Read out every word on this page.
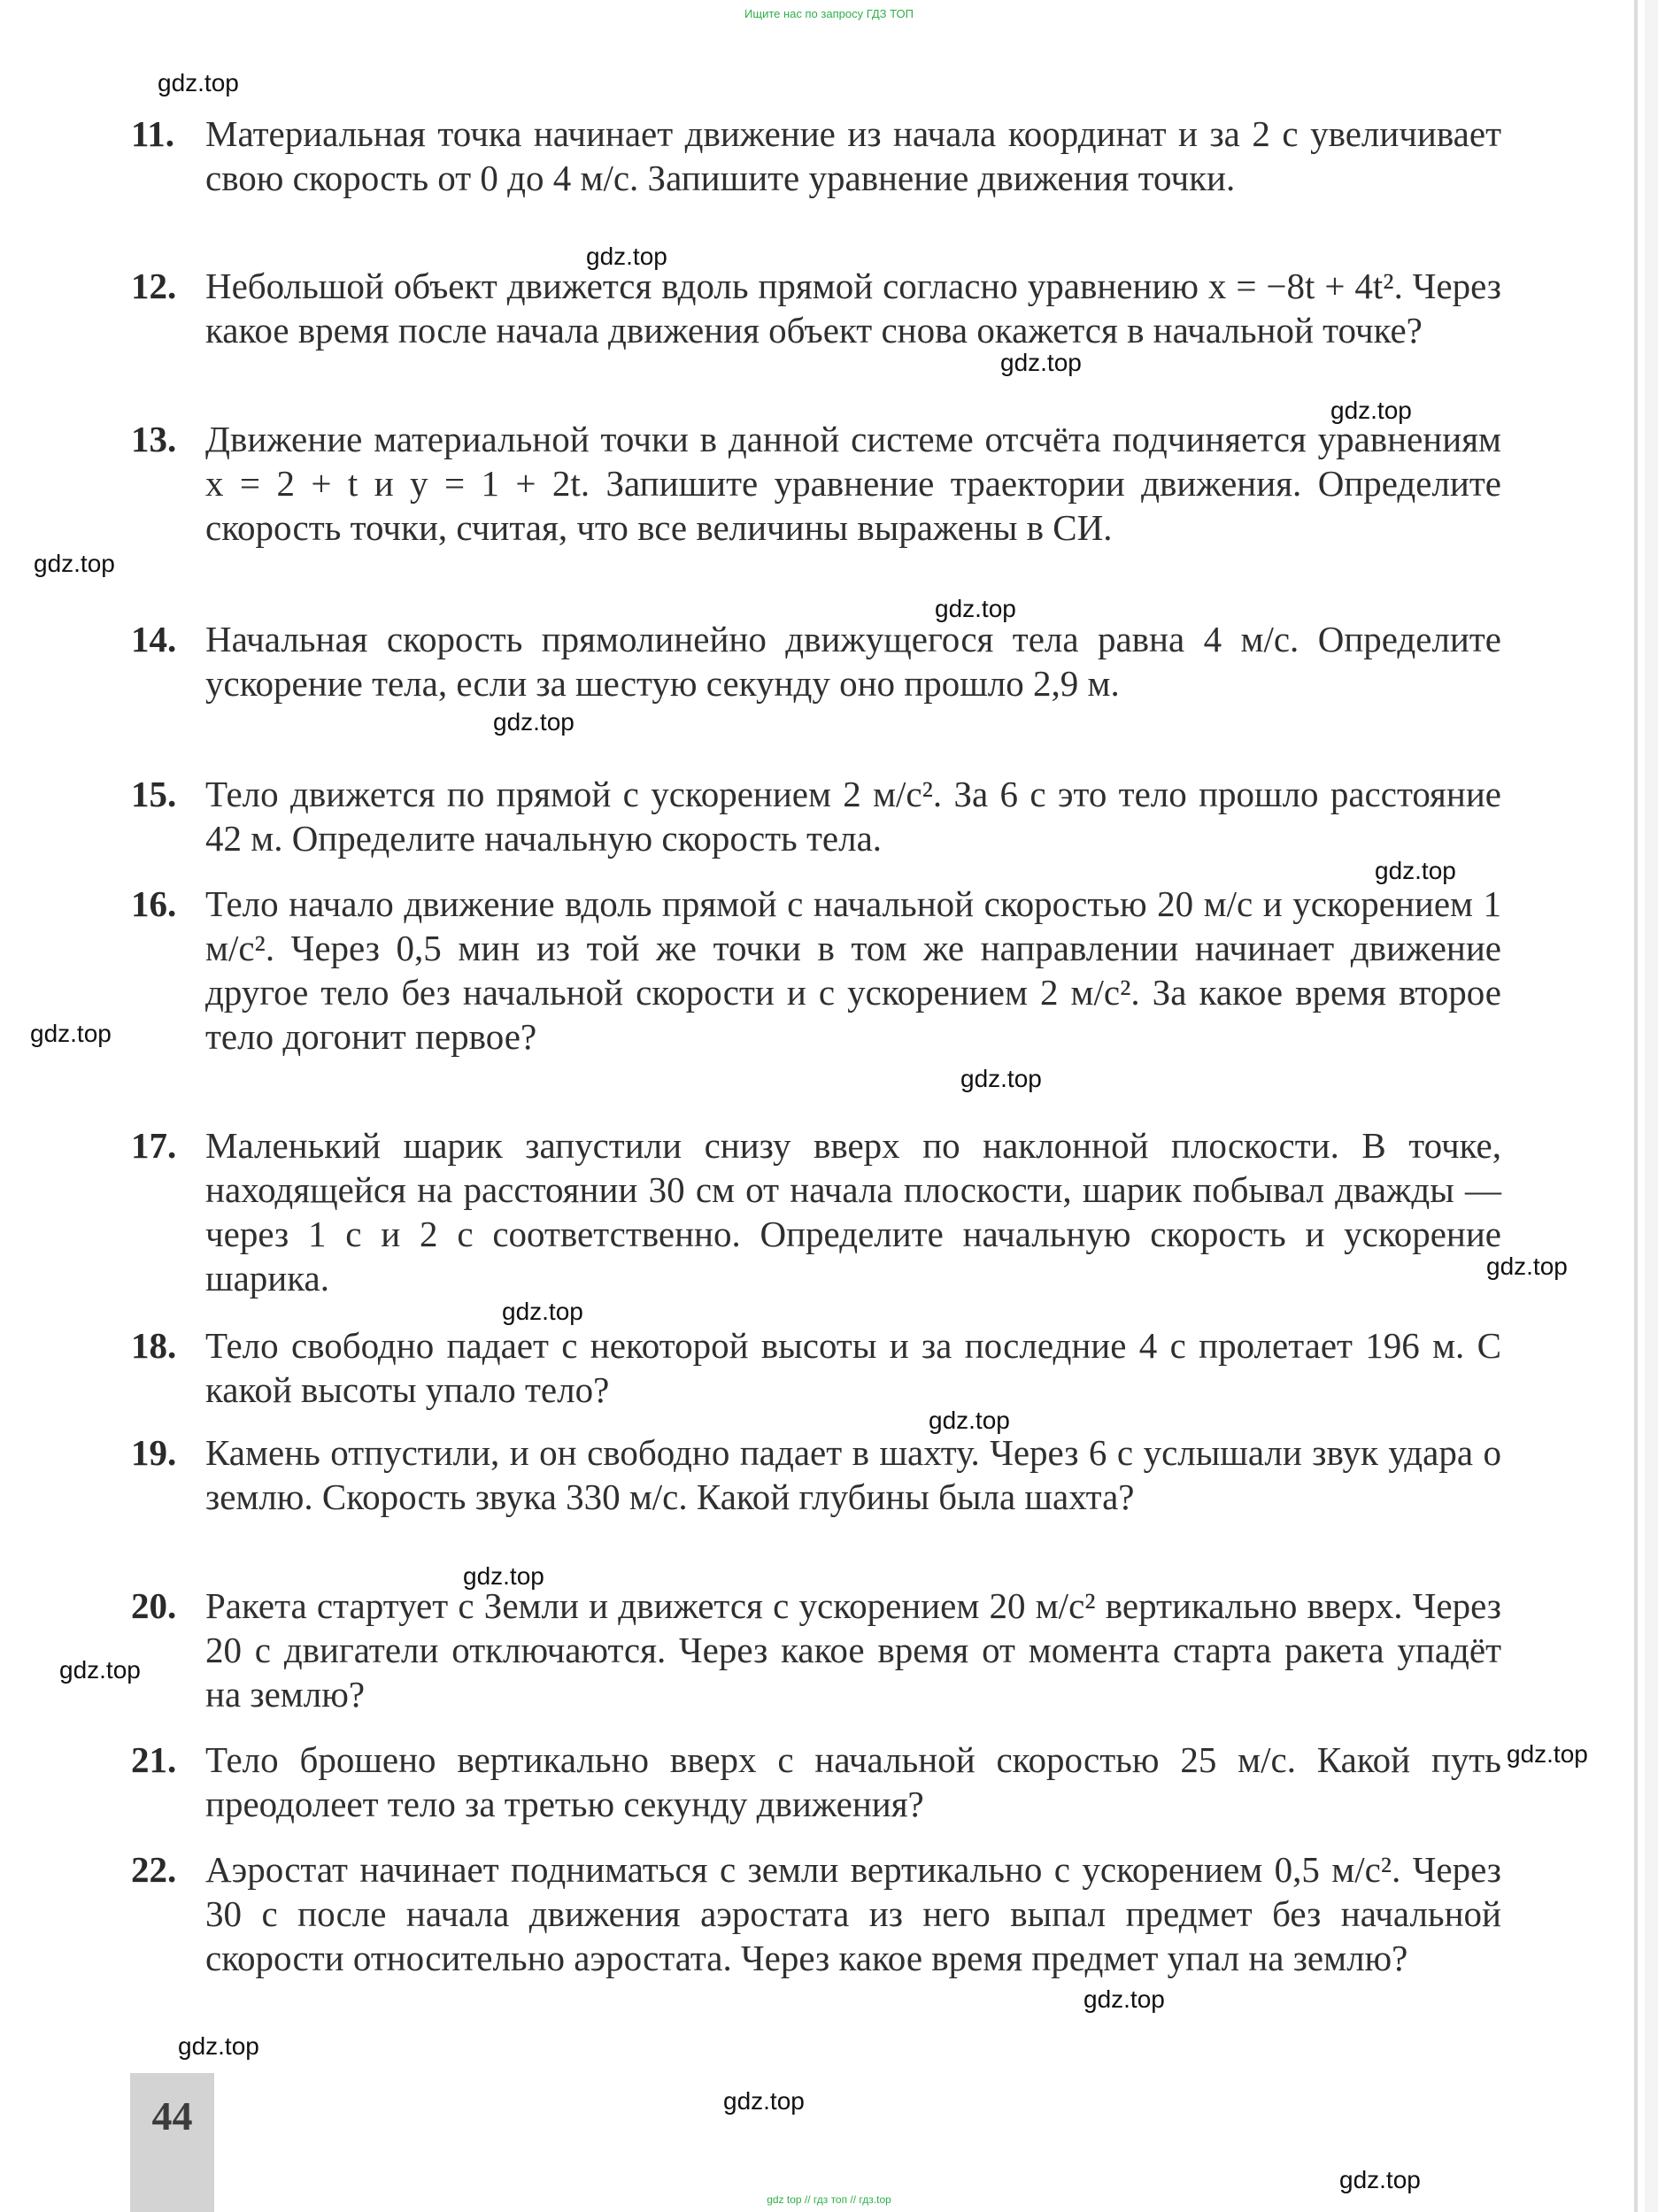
Ищите нас по запросу ГДЗ ТОП
11. Материальная точка начинает движение из начала координат и за 2 с увеличивает свою скорость от 0 до 4 м/с. Запишите уравнение движения точки.
12. Небольшой объект движется вдоль прямой согласно уравнению x = −8t + 4t². Через какое время после начала движения объект снова окажется в начальной точке?
13. Движение материальной точки в данной системе отсчёта подчиняется уравнениям x = 2 + t и y = 1 + 2t. Запишите уравнение траектории движения. Определите скорость точки, считая, что все величины выражены в СИ.
14. Начальная скорость прямолинейно движущегося тела равна 4 м/с. Определите ускорение тела, если за шестую секунду оно прошло 2,9 м.
15. Тело движется по прямой с ускорением 2 м/с². За 6 с это тело прошло расстояние 42 м. Определите начальную скорость тела.
16. Тело начало движение вдоль прямой с начальной скоростью 20 м/с и ускорением 1 м/с². Через 0,5 мин из той же точки в том же направлении начинает движение другое тело без начальной скорости и с ускорением 2 м/с². За какое время второе тело догонит первое?
17. Маленький шарик запустили снизу вверх по наклонной плоскости. В точке, находящейся на расстоянии 30 см от начала плоскости, шарик побывал дважды — через 1 с и 2 с соответственно. Определите начальную скорость и ускорение шарика.
18. Тело свободно падает с некоторой высоты и за последние 4 с пролетает 196 м. С какой высоты упало тело?
19. Камень отпустили, и он свободно падает в шахту. Через 6 с услышали звук удара о землю. Скорость звука 330 м/с. Какой глубины была шахта?
20. Ракета стартует с Земли и движется с ускорением 20 м/с² вертикально вверх. Через 20 с двигатели отключаются. Через какое время от момента старта ракета упадёт на землю?
21. Тело брошено вертикально вверх с начальной скоростью 25 м/с. Какой путь преодолеет тело за третью секунду движения?
22. Аэростат начинает подниматься с земли вертикально с ускорением 0,5 м/с². Через 30 с после начала движения аэростата из него выпал предмет без начальной скорости относительно аэростата. Через какое время предмет упал на землю?
gdz.top
gdz.top
gdz.top
gdz.top
gdz.top
gdz.top
gdz.top
gdz.top
gdz.top
gdz.top
gdz.top
gdz.top
gdz.top
gdz.top
gdz.top
gdz.top
gdz.top
gdz.top
gdz.top
gdz.top
44
gdz top // гдз топ // гдз.top
